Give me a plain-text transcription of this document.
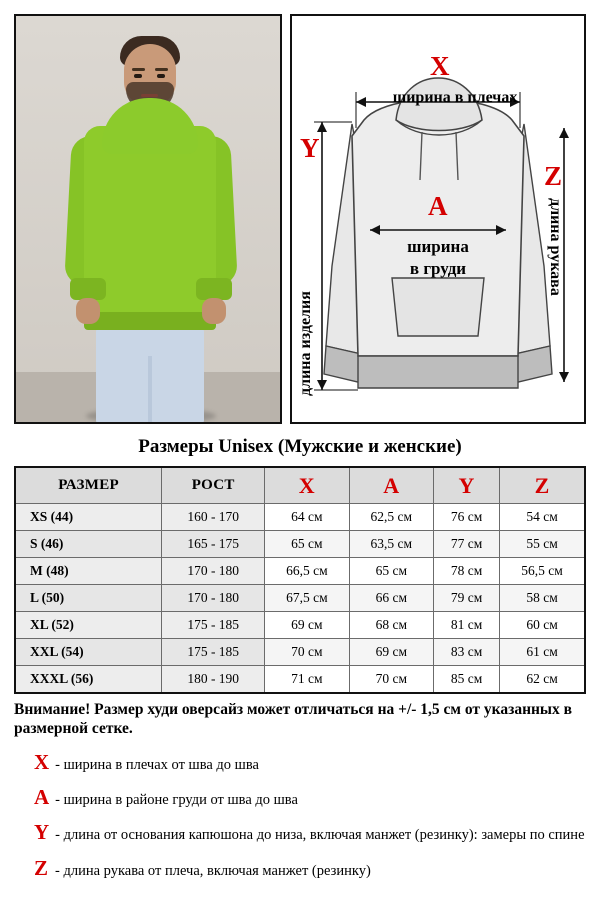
X
ширина в плечах
Y
длина изделия
A
ширина
в груди
Z
длина рукава
Размеры Unisex (Мужские и женские)
РАЗМЕР	РОСТ	X	A	Y	Z
XS (44)	160 - 170	64 см	62,5 см	76 см	54 см
S (46)	165 - 175	65 см	63,5 см	77 см	55 см
M (48)	170 - 180	66,5 см	65 см	78 см	56,5 см
L (50)	170 - 180	67,5 см	66 см	79 см	58 см
XL (52)	175 - 185	69 см	68 см	81 см	60 см
XXL (54)	175 - 185	70 см	69 см	83 см	61 см
XXXL (56)	180 - 190	71 см	70 см	85 см	62 см
Внимание! Размер худи оверсайз может отличаться на +/- 1,5 см от указанных в размерной сетке.
X - ширина в плечах от шва до шва
A - ширина в районе груди от шва до шва
Y - длина от основания капюшона до низа, включая манжет (резинку): замеры по спине
Z - длина рукава от плеча, включая манжет (резинку)
